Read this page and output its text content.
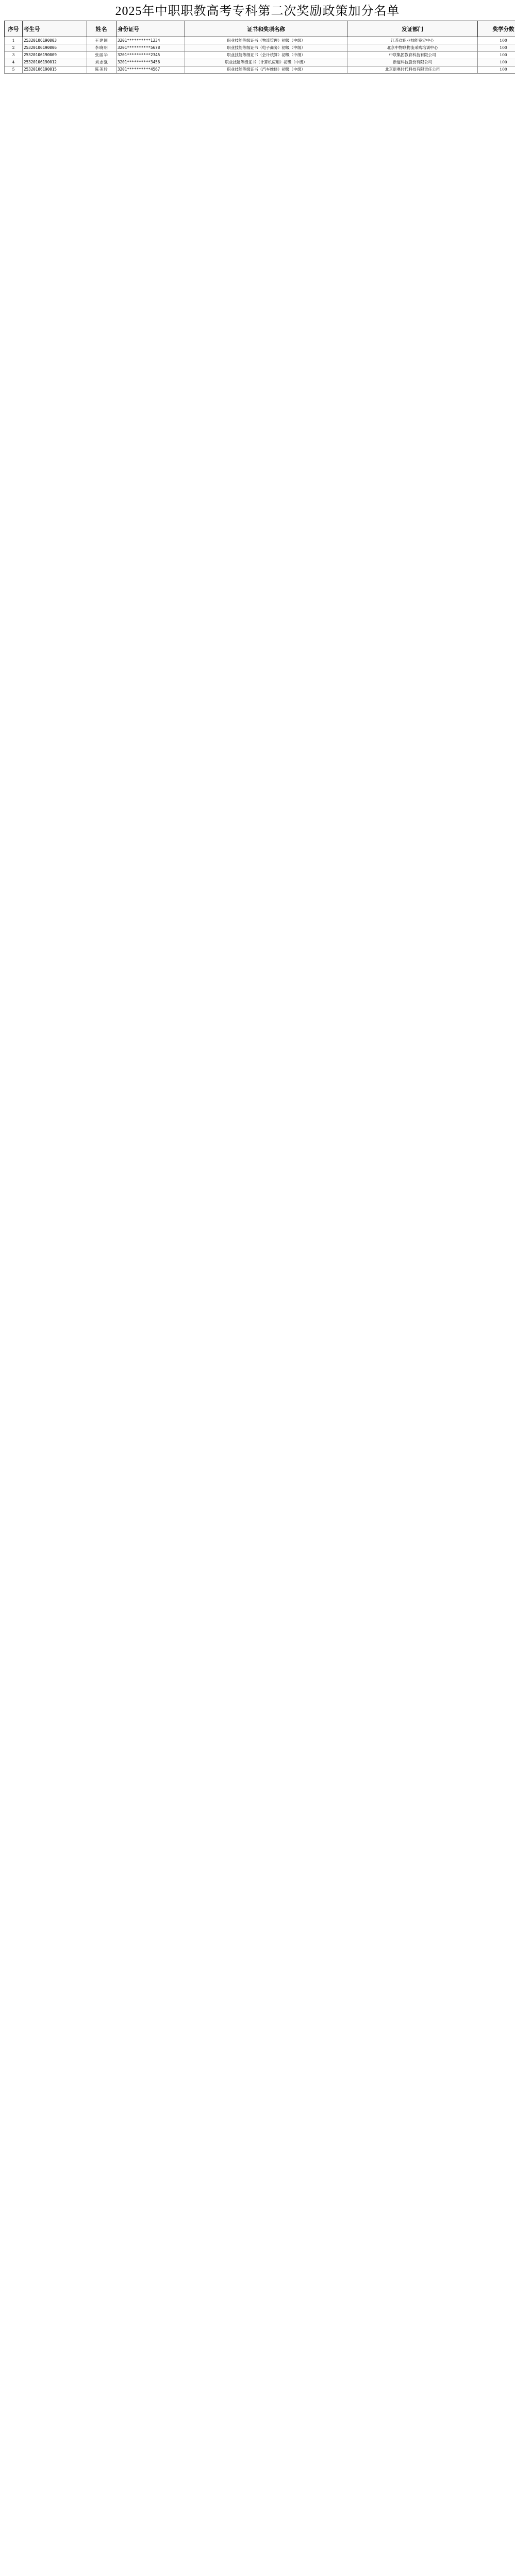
2025年中职职教高考专科第二次奖励政策加分名单
序号	考生号	姓名	身份证号	证书和奖项名称	发证部门	奖学分数
1	25320106190003	王建国	3201**********1234	职业技能等级证书（物流管理）初级（中级）	江苏省职业技能鉴定中心	100
2	25320106190006	李晓明	3201**********5678	职业技能等级证书（电子商务）初级（中级）	北京中物联物流采购培训中心	100
3	25320106190009	张丽华	3201**********2345	职业技能等级证书（会计核算）初级（中级）	中联集团教育科技有限公司	100
4	25320106190012	刘志强	3201**********3456	职业技能等级证书（计算机应用）初级（中级）	新道科技股份有限公司	100
5	25320106190015	陈美玲	3201**********4567	职业技能等级证书（汽车维修）初级（中级）	北京新奥时代科技有限责任公司	100
